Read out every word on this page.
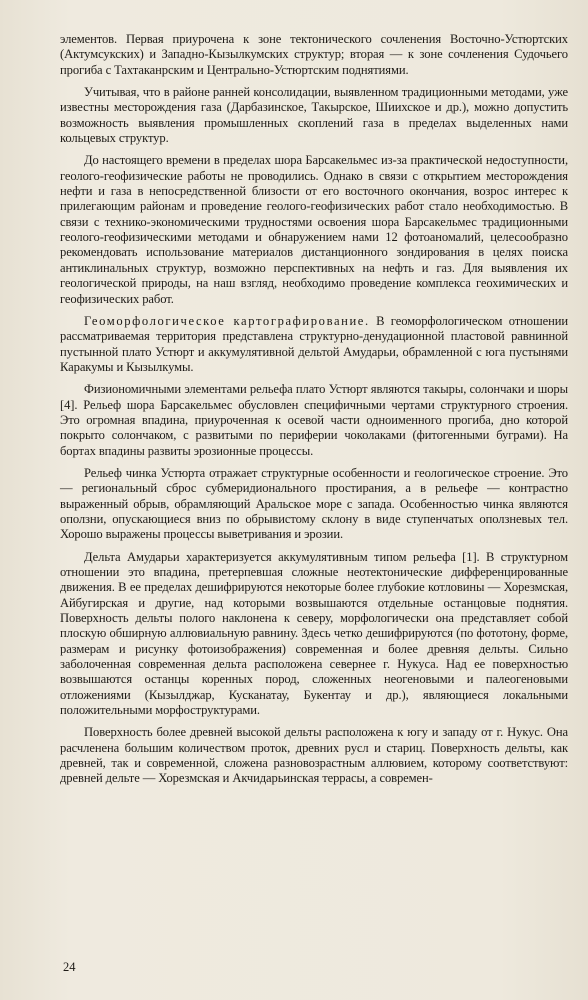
элементов. Первая приурочена к зоне тектонического сочленения Восточно-Устюртских (Актумсукских) и Западно-Кызылкумских структур; вторая — к зоне сочленения Судочьего прогиба с Тахтаканрским и Центрально-Устюртским поднятиями.

Учитывая, что в районе ранней консолидации, выявленном традиционными методами, уже известны месторождения газа (Дарбазинское, Такырское, Шиихское и др.), можно допустить возможность выявления промышленных скоплений газа в пределах выделенных нами кольцевых структур.

До настоящего времени в пределах шора Барсакельмес из-за практической недоступности, геолого-геофизические работы не проводились. Однако в связи с открытием месторождения нефти и газа в непосредственной близости от его восточного окончания, возрос интерес к прилегающим районам и проведение геолого-геофизических работ стало необходимостью. В связи с технико-экономическими трудностями освоения шора Барсакельмес традиционными геолого-геофизическими методами и обнаружением нами 12 фотоаномалий, целесообразно рекомендовать использование материалов дистанционного зондирования в целях поиска антиклинальных структур, возможно перспективных на нефть и газ. Для выявления их геологической природы, на наш взгляд, необходимо проведение комплекса геохимических и геофизических работ.

Геоморфологическое картографирование. В геоморфологическом отношении рассматриваемая территория представлена структурно-денудационной пластовой равнинной пустынной плато Устюрт и аккумулятивной дельтой Амударьи, обрамленной с юга пустынями Каракумы и Кызылкумы.

Физиономичными элементами рельефа плато Устюрт являются такыры, солончаки и шоры [4]. Рельеф шора Барсакельмес обусловлен специфичными чертами структурного строения. Это огромная впадина, приуроченная к осевой части одноименного прогиба, дно которой покрыто солончаком, с развитыми по периферии чоколаками (фитогенными буграми). На бортах впадины развиты эрозионные процессы.

Рельеф чинка Устюрта отражает структурные особенности и геологическое строение. Это — региональный сброс субмеридионального простирания, а в рельефе — контрастно выраженный обрыв, обрамляющий Аральское море с запада. Особенностью чинка являются оползни, опускающиеся вниз по обрывистому склону в виде ступенчатых оползневых тел. Хорошо выражены процессы выветривания и эрозии.

Дельта Амударьи характеризуется аккумулятивным типом рельефа [1]. В структурном отношении это впадина, претерпевшая сложные неотектонические дифференцированные движения. В ее пределах дешифрируются некоторые более глубокие котловины — Хорезмская, Айбугирская и другие, над которыми возвышаются отдельные останцовые поднятия. Поверхность дельты полого наклонена к северу, морфологически она представляет собой плоскую обширную аллювиальную равнину. Здесь четко дешифрируются (по фототону, форме, размерам и рисунку фотоизображения) современная и более древняя дельты. Сильно заболоченная современная дельта расположена севернее г. Нукуса. Над ее поверхностью возвышаются останцы коренных пород, сложенных неогеновыми и палеогеновыми отложениями (Кызылджар, Кусканатау, Букентау и др.), являющиеся локальными положительными морфоструктурами.

Поверхность более древней высокой дельты расположена к югу и западу от г. Нукус. Она расчленена большим количеством проток, древних русл и стариц. Поверхность дельты, как древней, так и современной, сложена разновозрастным аллювием, которому соответствуют: древней дельте — Хорезмская и Акчидарьинская террасы, а современ-

24
